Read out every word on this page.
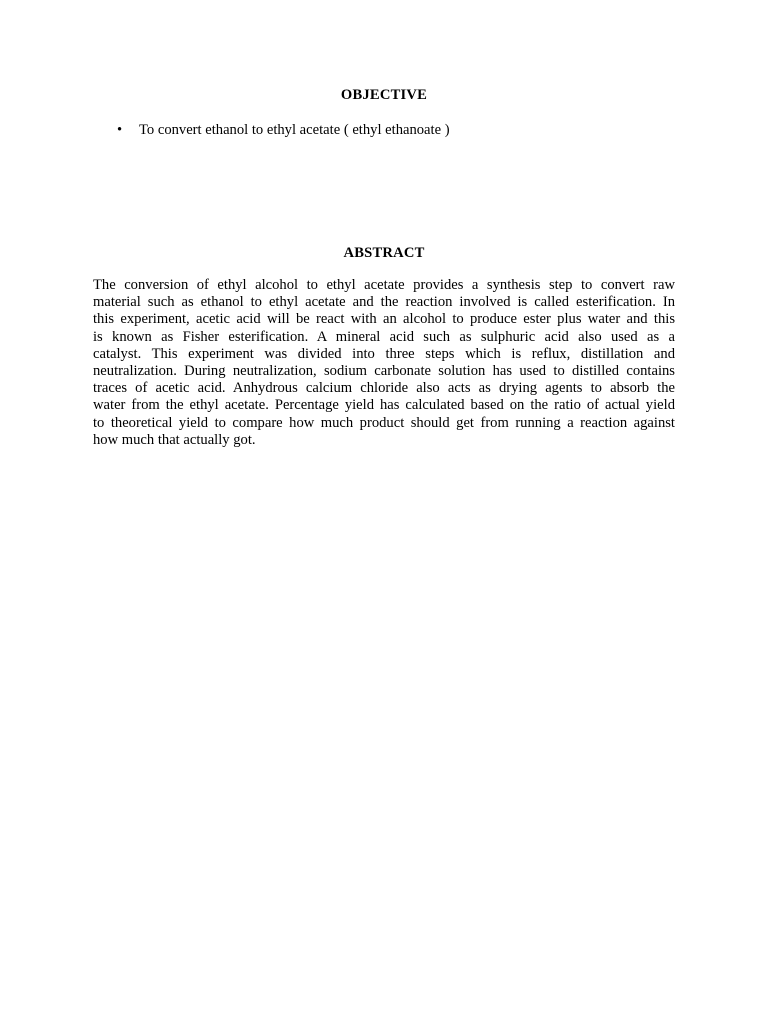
OBJECTIVE
• To convert ethanol to ethyl acetate ( ethyl ethanoate )
ABSTRACT
The conversion of ethyl alcohol to ethyl acetate provides a synthesis step to convert raw
material such as ethanol to ethyl acetate and the reaction involved is called esterification. In
this experiment, acetic acid will be react with an alcohol to produce ester plus water and this
is known as Fisher esterification. A mineral acid such as sulphuric acid also used as a
catalyst. This experiment was divided into three steps which is reflux, distillation and
neutralization. During neutralization, sodium carbonate solution has used to distilled contains
traces of acetic acid. Anhydrous calcium chloride also acts as drying agents to absorb the
water from the ethyl acetate. Percentage yield has calculated based on the ratio of actual yield
to theoretical yield to compare how much product should get from running a reaction against
how much that actually got.
